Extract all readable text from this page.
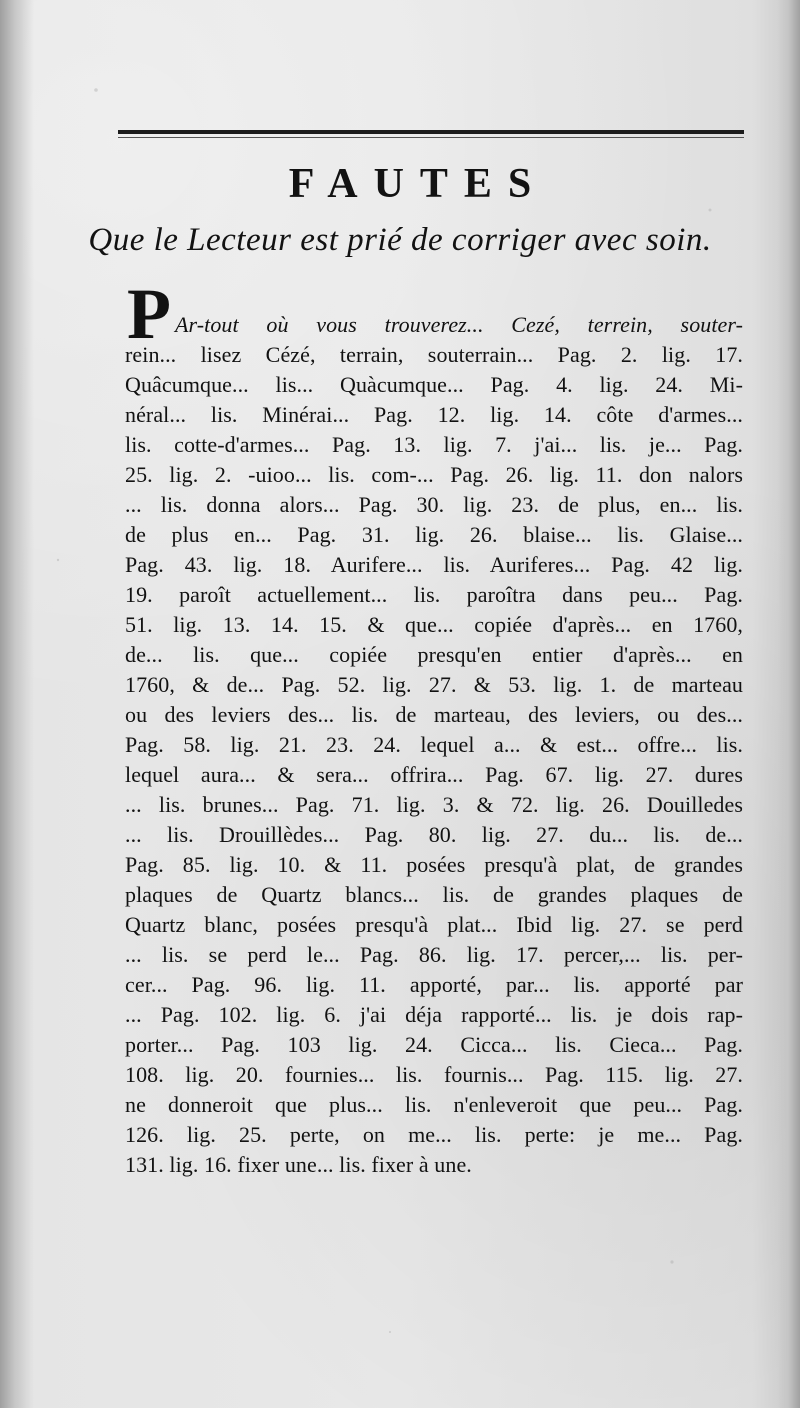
FAUTES
Que le Lecteur est prié de corriger avec soin.
P Ar-tout où vous trouverez... Cezé, terrein, souter-
rein... lisez Cézé, terrain, souterrain... Pag. 2. lig. 17.
Quâcumque... lis... Quàcumque... Pag. 4. lig. 24. Mi-
néral... lis. Minérai... Pag. 12. lig. 14. côte d'armes...
lis. cotte-d'armes... Pag. 13. lig. 7. j'ai... lis. je... Pag.
25. lig. 2. -uioo... lis. com-... Pag. 26. lig. 11. don nalors
... lis. donna alors... Pag. 30. lig. 23. de plus, en... lis.
de plus en... Pag. 31. lig. 26. blaise... lis. Glaise...
Pag. 43. lig. 18. Aurifere... lis. Auriferes... Pag. 42 lig.
19. paroît actuellement... lis. paroîtra dans peu... Pag.
51. lig. 13. 14. 15. & que... copiée d'après... en 1760,
de... lis. que... copiée presqu'en entier d'après... en
1760, & de... Pag. 52. lig. 27. & 53. lig. 1. de marteau
ou des leviers des... lis. de marteau, des leviers, ou des...
Pag. 58. lig. 21. 23. 24. lequel a... & est... offre... lis.
lequel aura... & sera... offrira... Pag. 67. lig. 27. dures
... lis. brunes... Pag. 71. lig. 3. & 72. lig. 26. Douilledes
... lis. Drouillèdes... Pag. 80. lig. 27. du... lis. de...
Pag. 85. lig. 10. & 11. posées presqu'à plat, de grandes
plaques de Quartz blancs... lis. de grandes plaques de
Quartz blanc, posées presqu'à plat... Ibid lig. 27. se perd
... lis. se perd le... Pag. 86. lig. 17. percer,... lis. per-
cer... Pag. 96. lig. 11. apporté, par... lis. apporté par
... Pag. 102. lig. 6. j'ai déja rapporté... lis. je dois rap-
porter... Pag. 103 lig. 24. Cicca... lis. Cieca... Pag.
108. lig. 20. fournies... lis. fournis... Pag. 115. lig. 27.
ne donneroit que plus... lis. n'enleveroit que peu... Pag.
126. lig. 25. perte, on me... lis. perte: je me... Pag.
131. lig. 16. fixer une... lis. fixer à une.
